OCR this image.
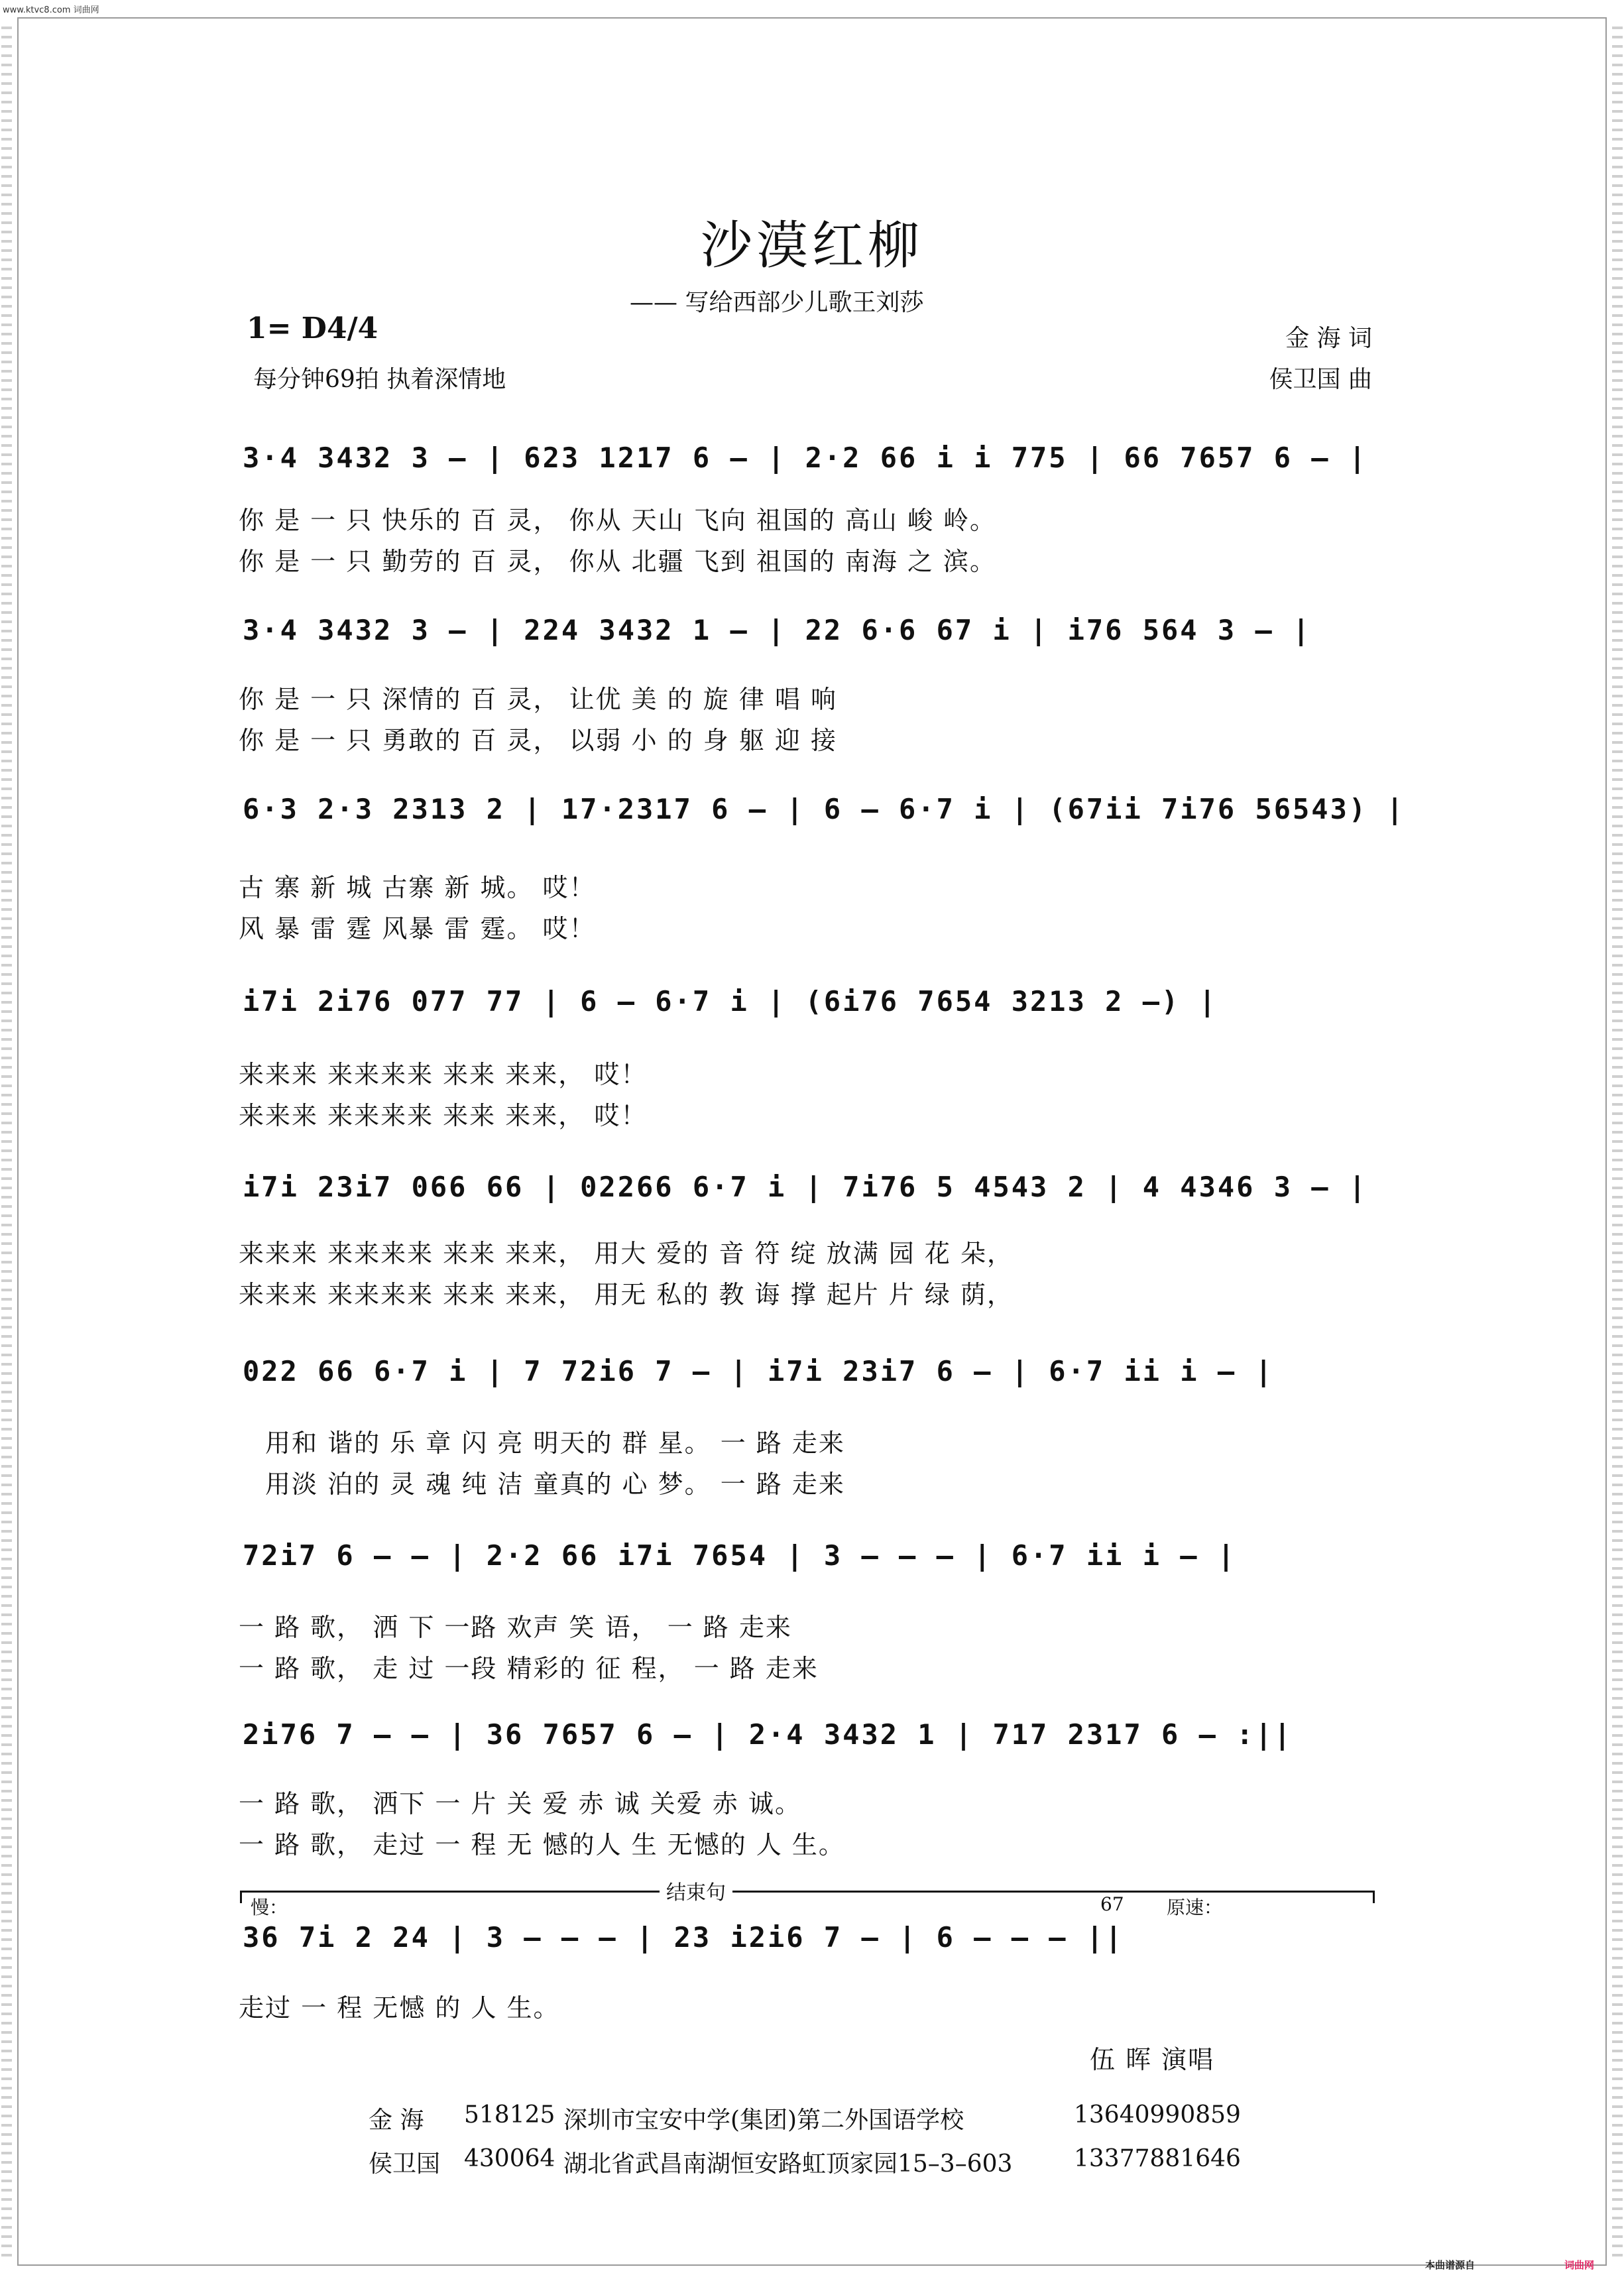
www.ktvc8.com 词曲网
沙漠红柳
—— 写给西部少儿歌王刘莎
1= D4/4
每分钟69拍 执着深情地
金 海 词
侯卫国 曲
3·4 3432 3 – | 623 1217 6 – | 2·2 66 i i 775 | 66 7657 6 – |
你 是 一 只 快乐的 百 灵， 你从 天山 飞向 祖国的 高山 峻 岭。
你 是 一 只 勤劳的 百 灵， 你从 北疆 飞到 祖国的 南海 之 滨。
3·4 3432 3 – | 224 3432 1 – | 22 6·6 67 i | i76 564 3 – |
你 是 一 只 深情的 百 灵， 让优 美 的 旋 律 唱 响
你 是 一 只 勇敢的 百 灵， 以弱 小 的 身 躯 迎 接
6·3 2·3 2313 2 | 17·2317 6 – | 6 – 6·7 i | (67ii 7i76 56543) |
古 寨 新 城 古寨 新 城。 哎！
风 暴 雷 霆 风暴 雷 霆。 哎！
i7i 2i76 077 77 | 6 – 6·7 i | (6i76 7654 3213 2 –) |
来来来 来来来来 来来 来来， 哎！
来来来 来来来来 来来 来来， 哎！
i7i 23i7 066 66 | 02266 6·7 i | 7i76 5 4543 2 | 4 4346 3 – |
来来来 来来来来 来来 来来， 用大 爱的 音 符 绽 放满 园 花 朵，
来来来 来来来来 来来 来来， 用无 私的 教 诲 撑 起片 片 绿 荫，
022 66 6·7 i | 7 72i6 7 – | i7i 23i7 6 – | 6·7 ii i – |
用和 谐的 乐 章 闪 亮 明天的 群 星。 一 路 走来
用淡 泊的 灵 魂 纯 洁 童真的 心 梦。 一 路 走来
72i7 6 – – | 2·2 66 i7i 7654 | 3 – – – | 6·7 ii i – |
一 路 歌， 洒 下 一路 欢声 笑 语， 一 路 走来
一 路 歌， 走 过 一段 精彩的 征 程， 一 路 走来
2i76 7 – – | 36 7657 6 – | 2·4 3432 1 | 717 2317 6 – :||
一 路 歌， 洒下 一 片 关 爱 赤 诚 关爱 赤 诚。
一 路 歌， 走过 一 程 无 憾的人 生 无憾的 人 生。
结束句
慢：	67 原速：
36 7i 2 24 | 3 – – – | 23 i2i6 7 – | 6 – – – ||
走过 一 程 无憾 的 人 生。
伍 晖 演唱
金 海 518125 深圳市宝安中学(集团)第二外国语学校	13640990859
侯卫国 430064 湖北省武昌南湖恒安路虹顶家园15–3–603	13377881646
本曲谱源自	词曲网
